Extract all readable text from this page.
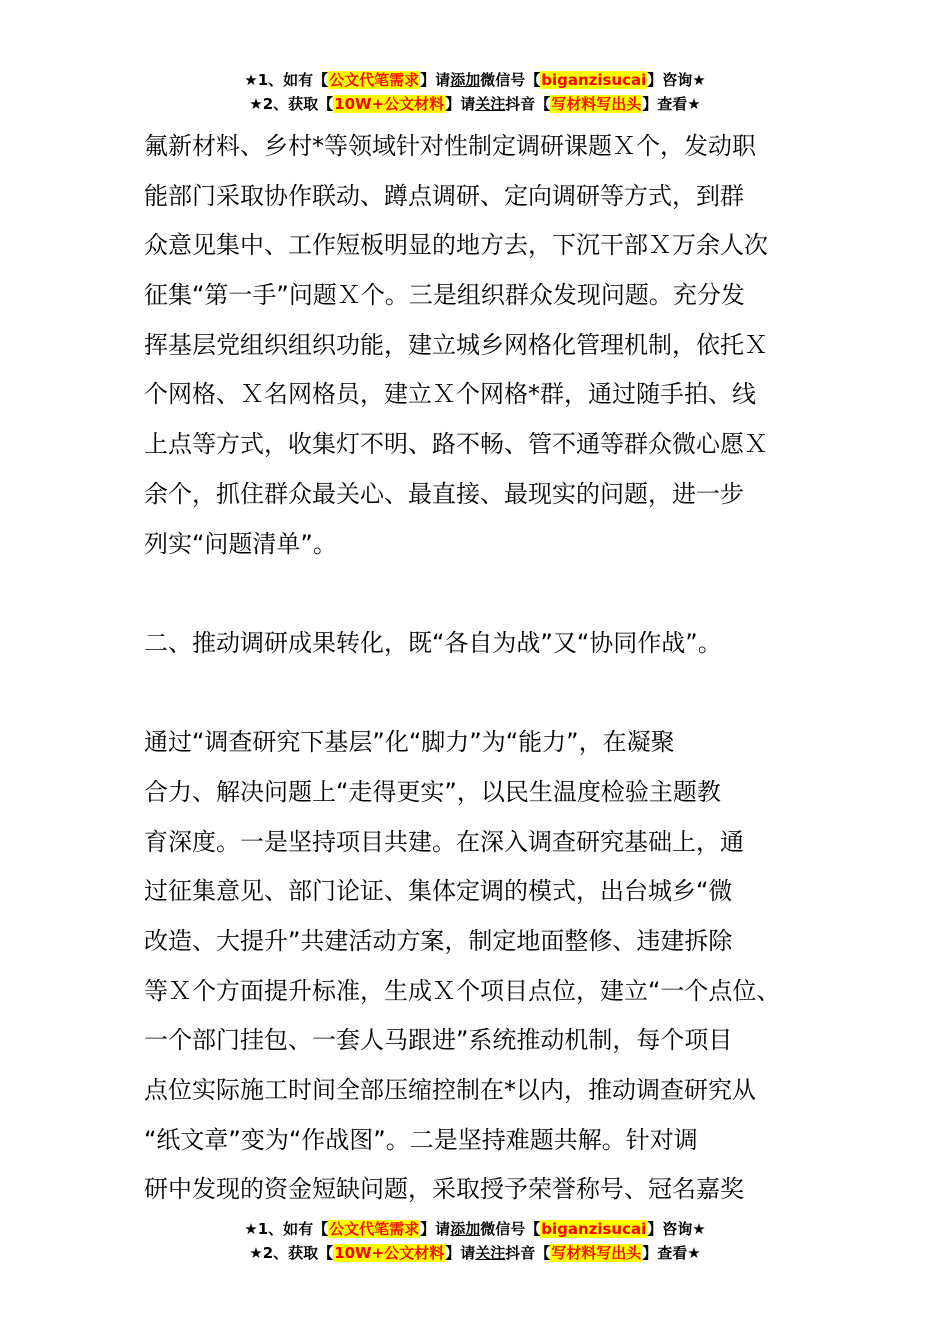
★1、如有【公文代笔需求】请添加微信号【biganzisucai】咨询★
★2、获取【10W+公文材料】请关注抖音【写材料写出头】查看★
氟新材料、乡村*等领域针对性制定调研课题Ｘ个，发动职
能部门采取协作联动、蹲点调研、定向调研等方式，到群
众意见集中、工作短板明显的地方去，下沉干部Ｘ万余人次
征集“第一手”问题Ｘ个。三是组织群众发现问题。充分发
挥基层党组织组织功能，建立城乡网格化管理机制，依托Ｘ
个网格、Ｘ名网格员，建立Ｘ个网格*群，通过随手拍、线
上点等方式，收集灯不明、路不畅、管不通等群众微心愿Ｘ
余个，抓住群众最关心、最直接、最现实的问题，进一步
列实“问题清单”。
二、推动调研成果转化，既“各自为战”又“协同作战”。
通过“调查研究下基层”化“脚力”为“能力”，在凝聚
合力、解决问题上“走得更实”，以民生温度检验主题教
育深度。一是坚持项目共建。在深入调查研究基础上，通
过征集意见、部门论证、集体定调的模式，出台城乡“微
改造、大提升”共建活动方案，制定地面整修、违建拆除
等Ｘ个方面提升标准，生成Ｘ个项目点位，建立“一个点位、
一个部门挂包、一套人马跟进”系统推动机制，每个项目
点位实际施工时间全部压缩控制在*以内，推动调查研究从
“纸文章”变为“作战图”。二是坚持难题共解。针对调
研中发现的资金短缺问题，采取授予荣誉称号、冠名嘉奖
★1、如有【公文代笔需求】请添加微信号【biganzisucai】咨询★
★2、获取【10W+公文材料】请关注抖音【写材料写出头】查看★
